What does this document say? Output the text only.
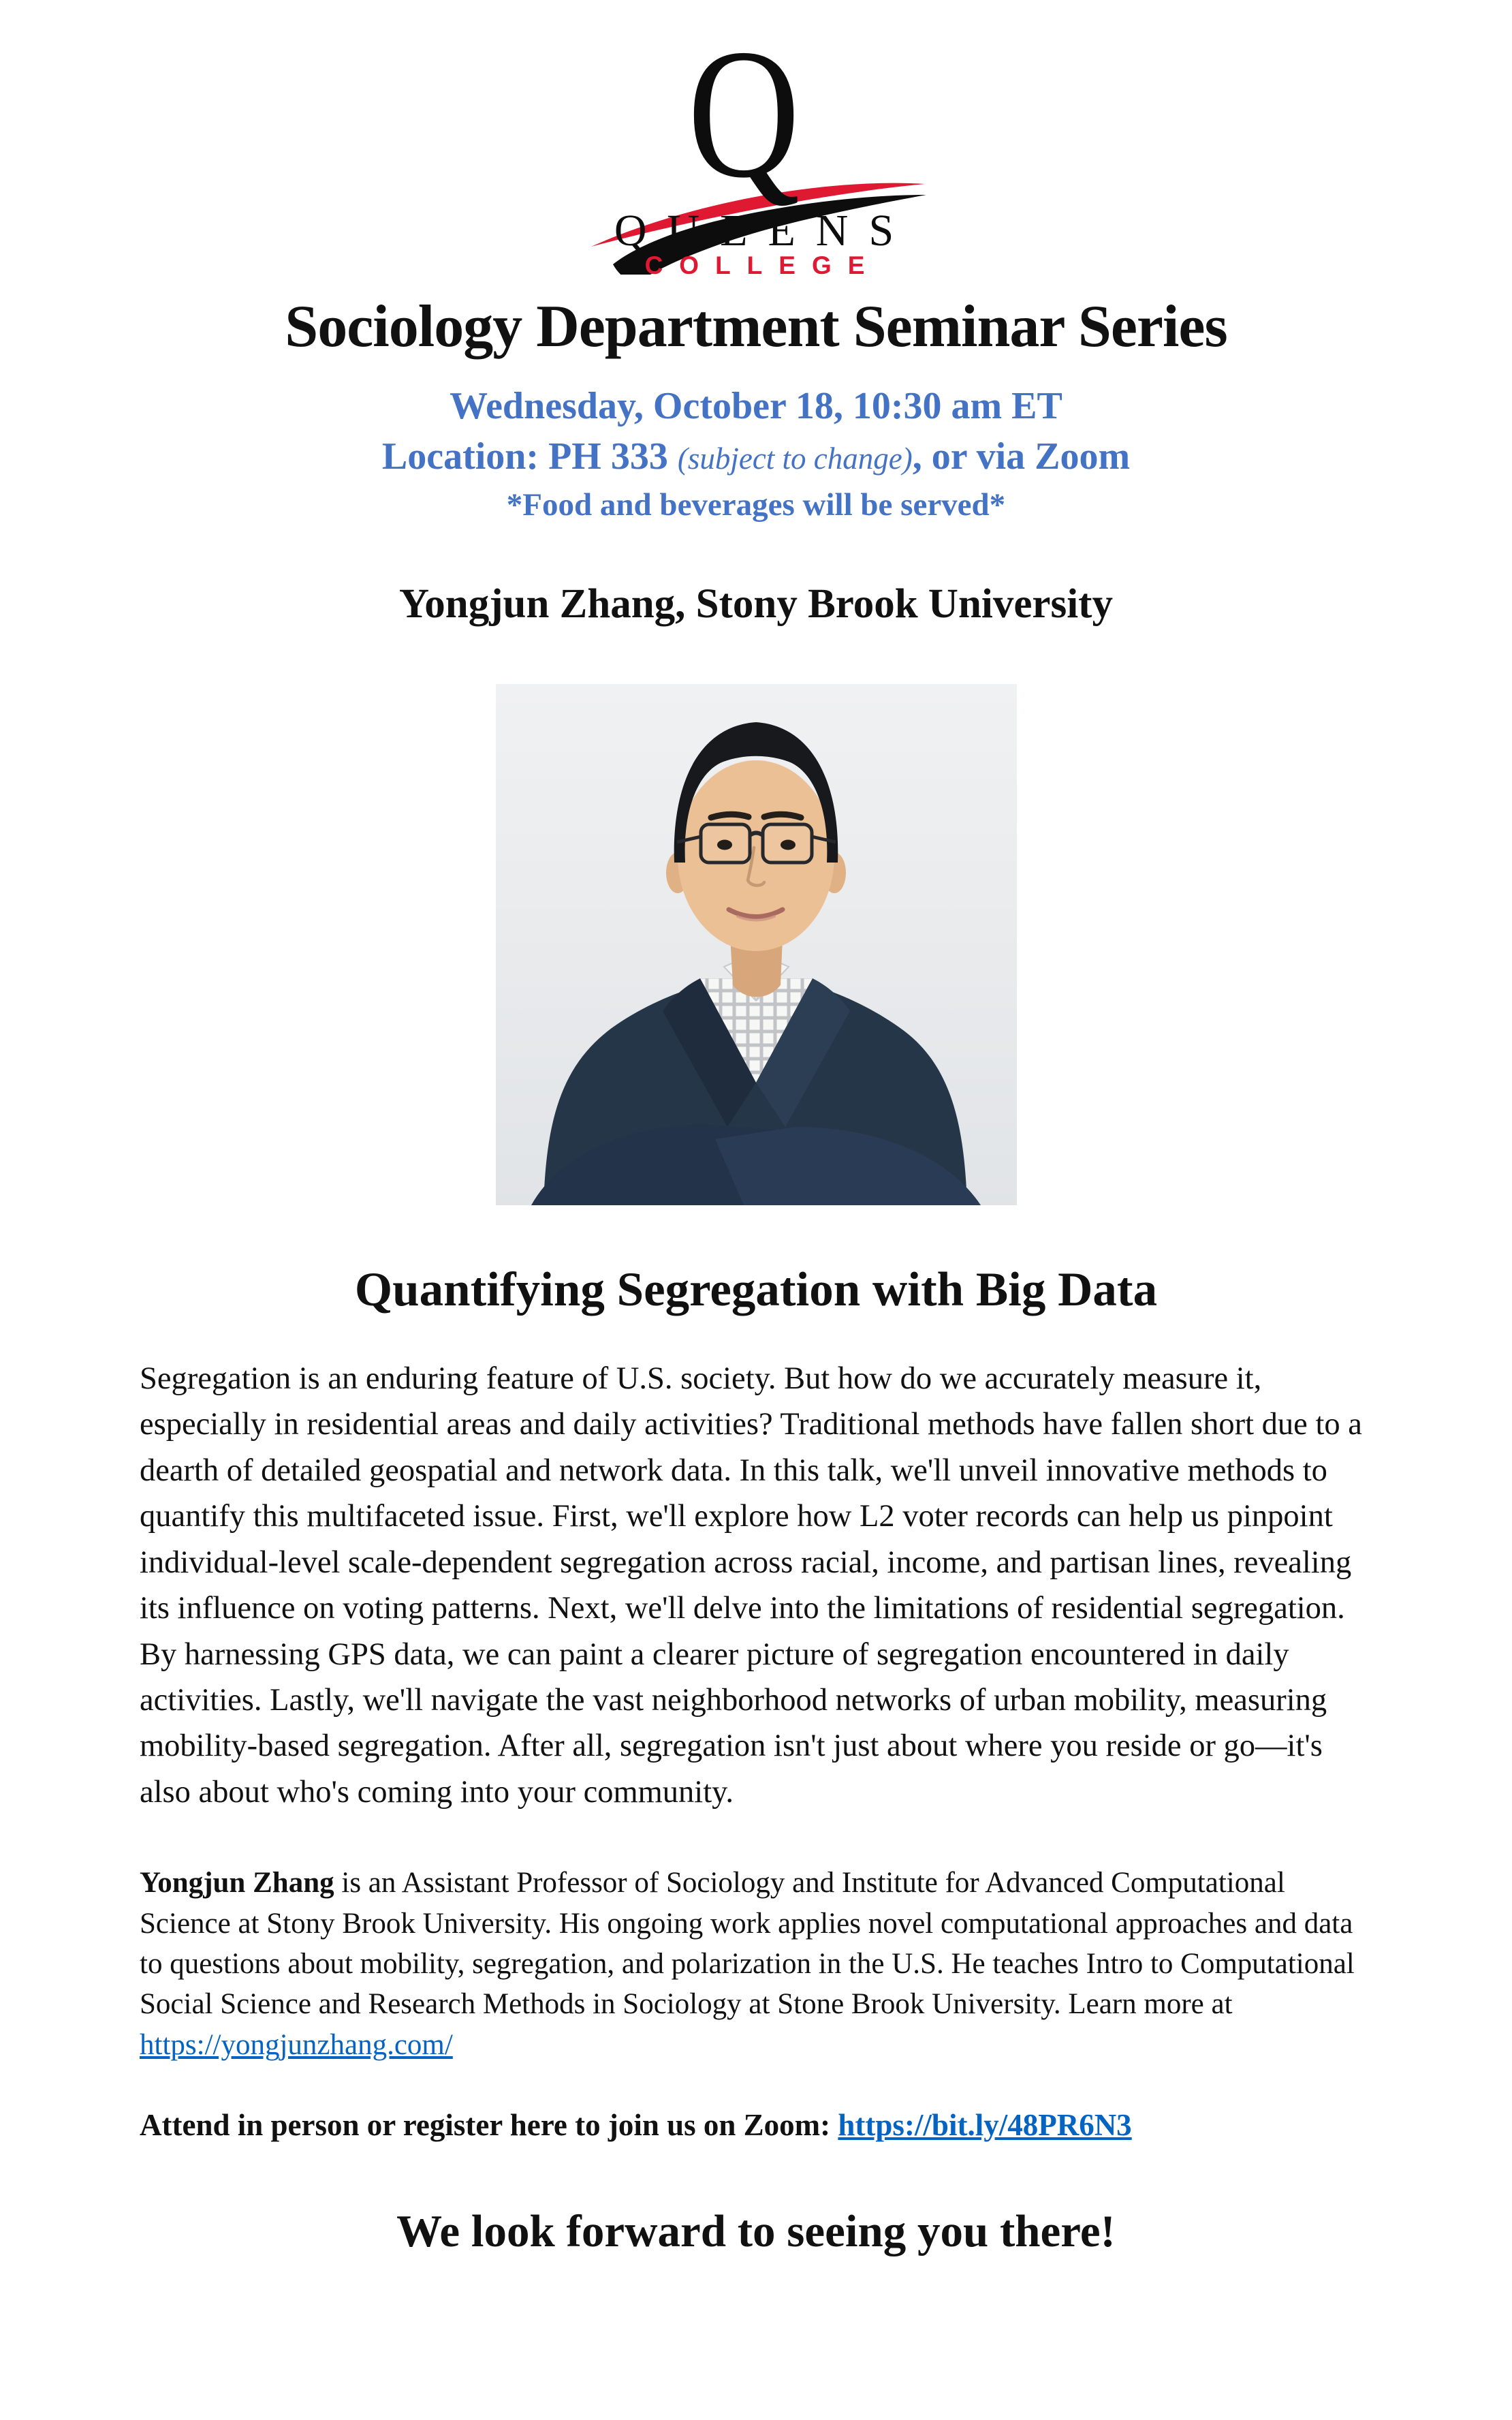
Q
QUEENS
COLLEGE
Sociology Department Seminar Series

Wednesday, October 18, 10:30 am ET

Location: PH 333 (subject to change), or via Zoom

*Food and beverages will be served*

Yongjun Zhang, Stony Brook University
Quantifying Segregation with Big Data

Segregation is an enduring feature of U.S. society. But how do we accurately measure it, especially in residential areas and daily activities? Traditional methods have fallen short due to a dearth of detailed geospatial and network data. In this talk, we'll unveil innovative methods to quantify this multifaceted issue. First, we'll explore how L2 voter records can help us pinpoint individual-level scale-dependent segregation across racial, income, and partisan lines, revealing its influence on voting patterns. Next, we'll delve into the limitations of residential segregation. By harnessing GPS data, we can paint a clearer picture of segregation encountered in daily activities. Lastly, we'll navigate the vast neighborhood networks of urban mobility, measuring mobility-based segregation. After all, segregation isn't just about where you reside or go—it's also about who's coming into your community.

Yongjun Zhang is an Assistant Professor of Sociology and Institute for Advanced Computational Science at Stony Brook University. His ongoing work applies novel computational approaches and data to questions about mobility, segregation, and polarization in the U.S. He teaches Intro to Computational Social Science and Research Methods in Sociology at Stone Brook University. Learn more at https://yongjunzhang.com/

Attend in person or register here to join us on Zoom: https://bit.ly/48PR6N3

We look forward to seeing you there!
